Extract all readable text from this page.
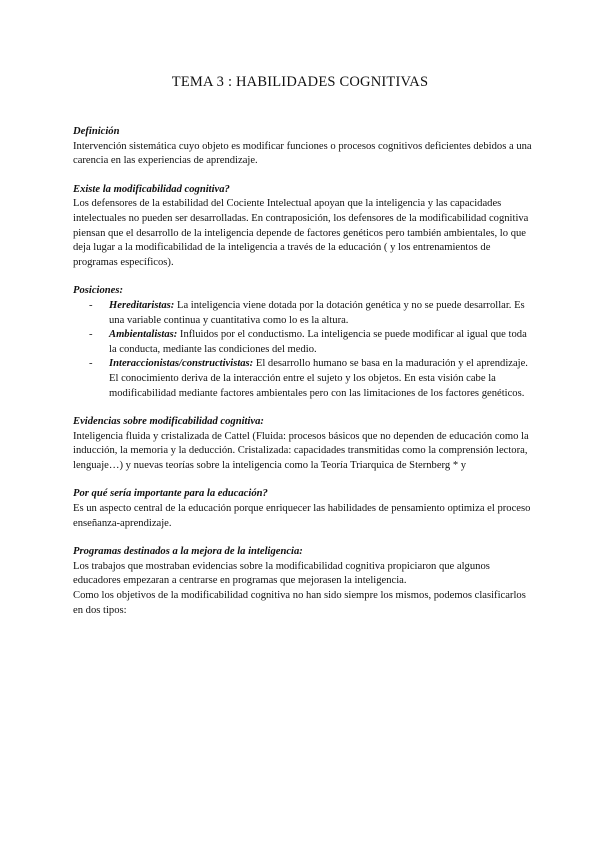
TEMA 3 : HABILIDADES COGNITIVAS

Definición

Intervención sistemática cuyo objeto es modificar funciones o procesos cognitivos deficientes debidos a una carencia en las experiencias de aprendizaje.

Existe la modificabilidad cognitiva?

Los defensores de la estabilidad del Cociente Intelectual apoyan que la inteligencia y las capacidades intelectuales no pueden ser desarrolladas. En contraposición, los defensores de la modificabilidad cognitiva piensan que el desarrollo de la inteligencia depende de factores genéticos pero también ambientales, lo que deja lugar a la modificabilidad de la inteligencia a través de la educación ( y los entrenamientos de programas específicos).

Posiciones:

- Hereditaristas: La inteligencia viene dotada por la dotación genética y no se puede desarrollar. Es una variable continua y cuantitativa como lo es la altura.
- Ambientalistas: Influidos por el conductismo. La inteligencia se puede modificar al igual que toda la conducta, mediante las condiciones del medio.
- Interaccionistas/constructivistas: El desarrollo humano se basa en la maduración y el aprendizaje. El conocimiento deriva de la interacción entre el sujeto y los objetos. En esta visión cabe la modificabilidad mediante factores ambientales pero con las limitaciones de los factores genéticos.

Evidencias sobre modificabilidad cognitiva:

Inteligencia fluida y cristalizada de Cattel (Fluida: procesos básicos que no dependen de educación como la inducción, la memoria y la deducción. Cristalizada: capacidades transmitidas como la comprensión lectora, lenguaje…) y nuevas teorías sobre la inteligencia como la Teoría Triarquica de Sternberg * y

Por qué sería importante para la educación?

Es un aspecto central de la educación porque enriquecer las habilidades de pensamiento optimiza el proceso enseñanza-aprendizaje.

Programas destinados a la mejora de la inteligencia:

Los trabajos que mostraban evidencias sobre la modificabilidad cognitiva propiciaron que algunos educadores empezaran a centrarse en programas que mejorasen la inteligencia.

Como los objetivos de la modificabilidad cognitiva no han sido siempre los mismos, podemos clasificarlos en dos tipos:
